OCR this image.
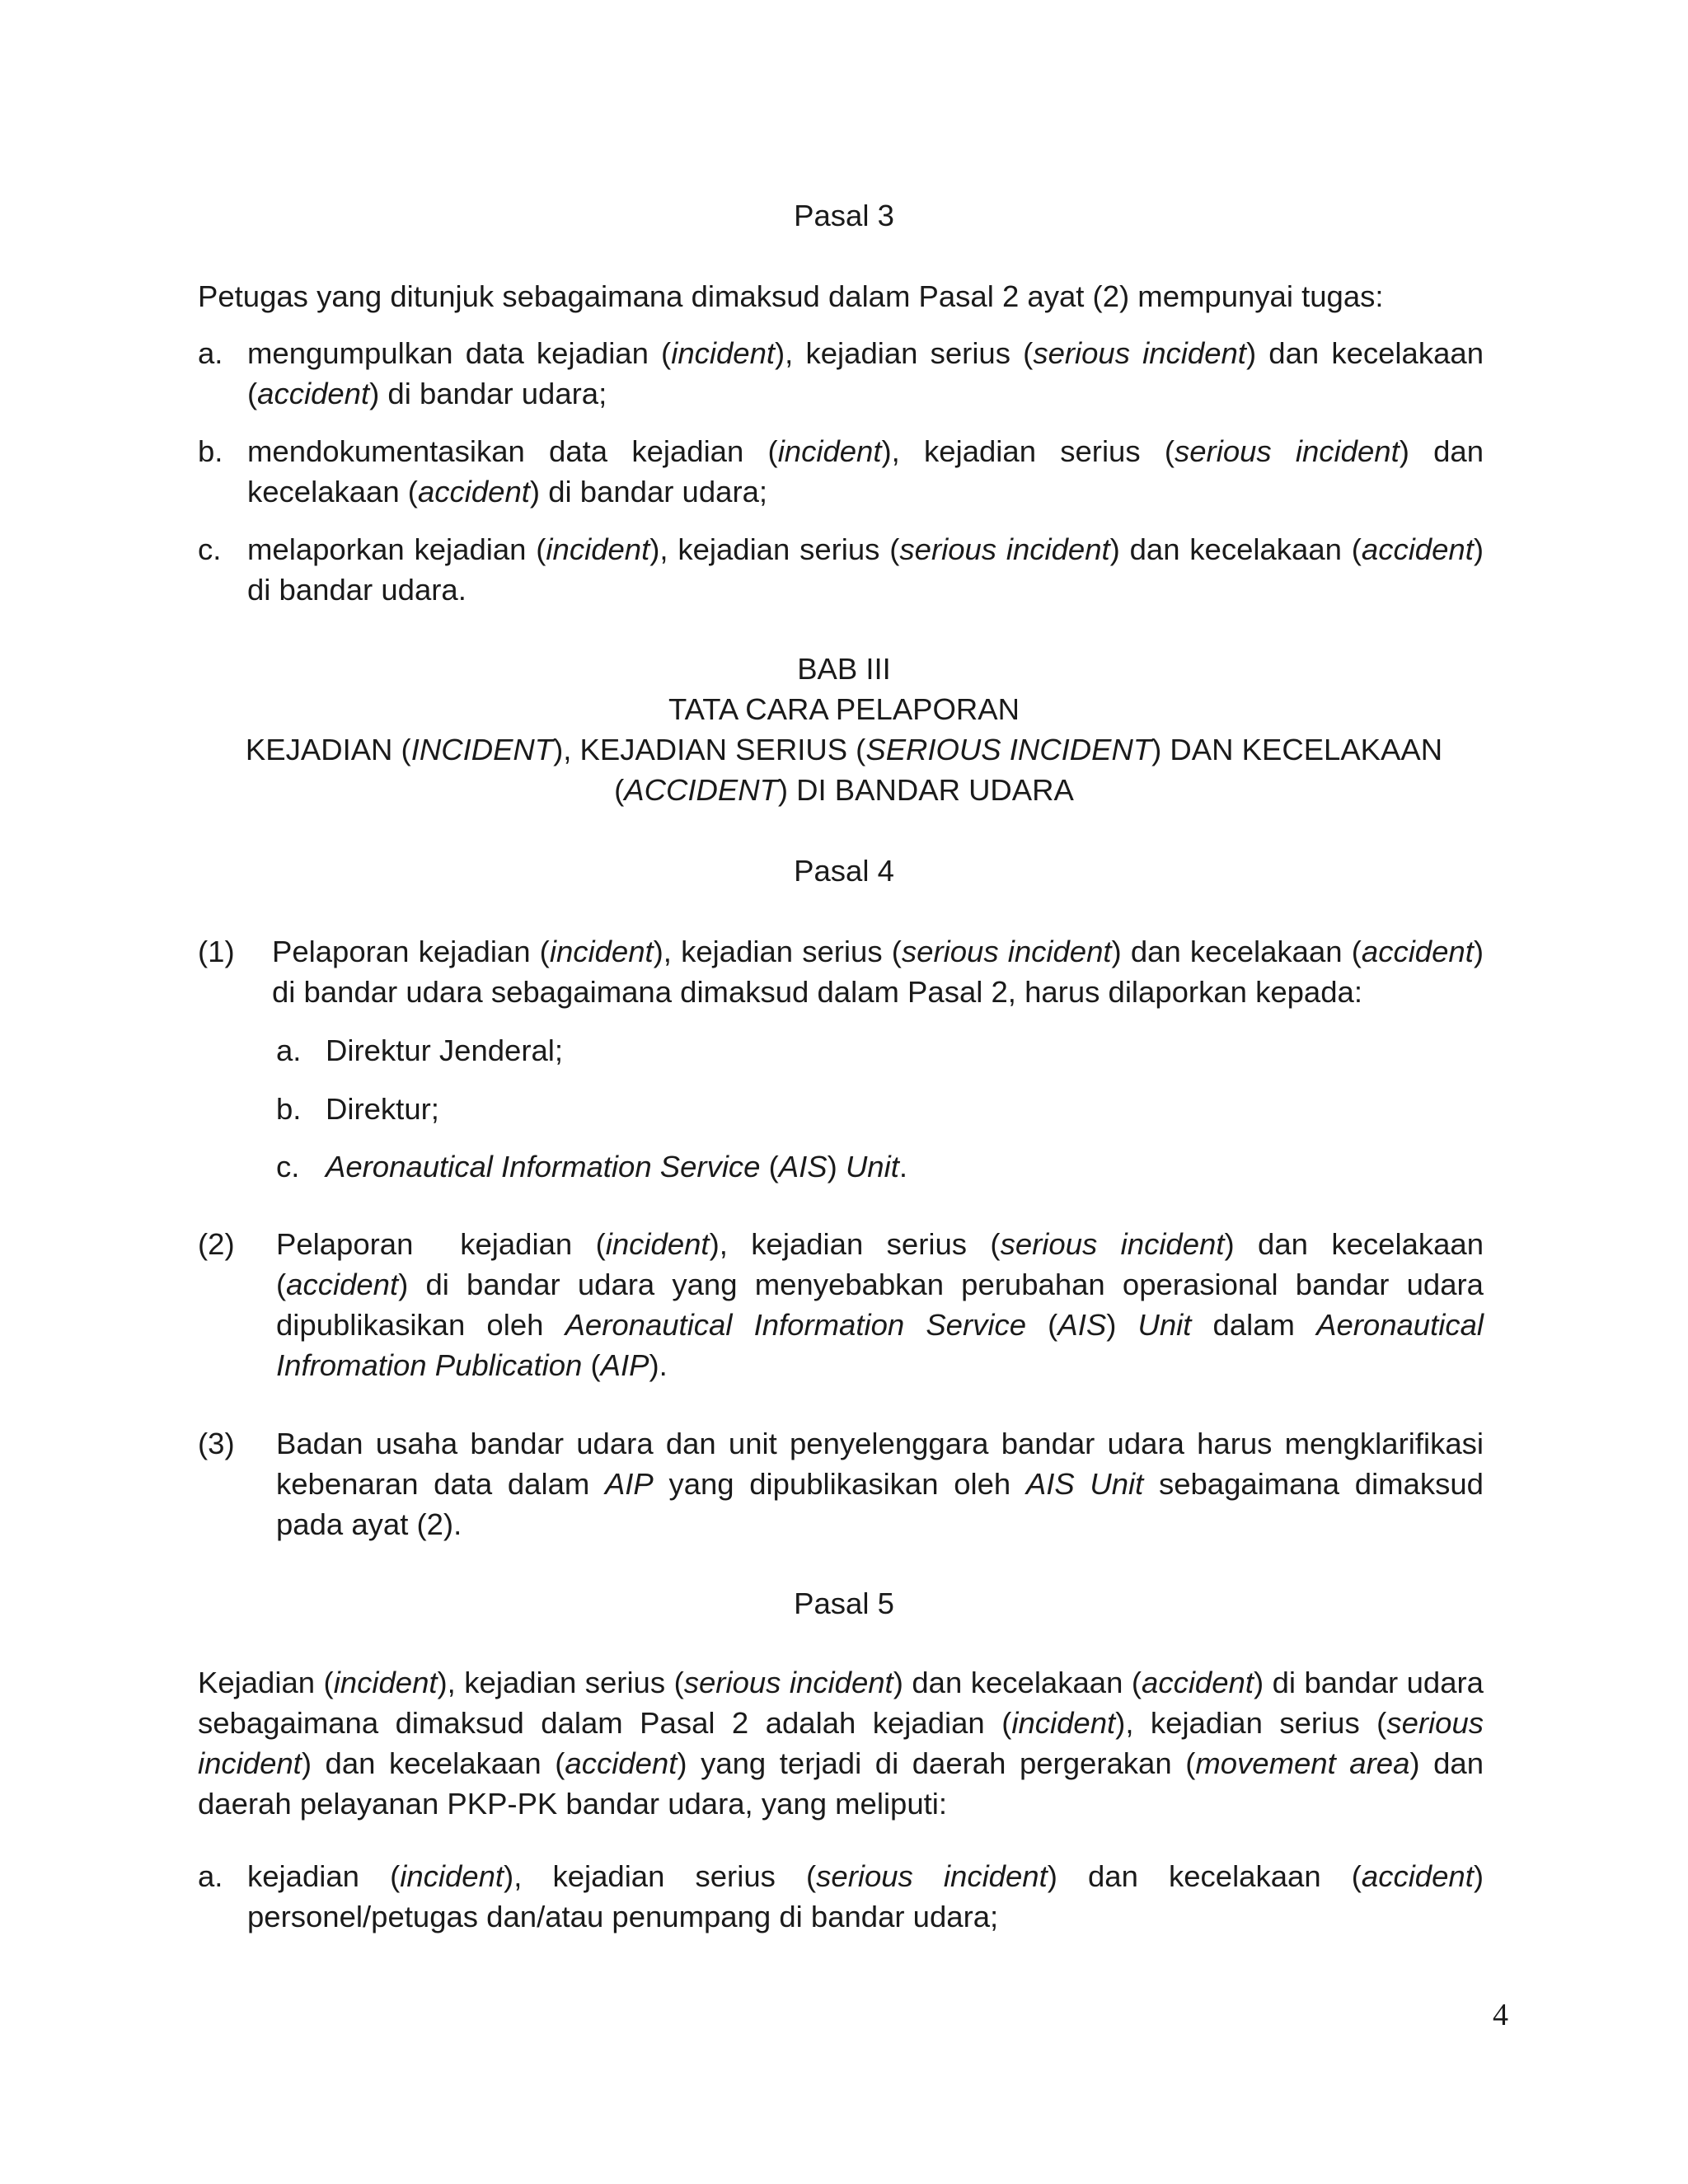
Pasal 3
Petugas yang ditunjuk sebagaimana dimaksud dalam Pasal 2 ayat (2) mempunyai tugas:
a. mengumpulkan data kejadian (incident), kejadian serius (serious incident) dan kecelakaan (accident) di bandar udara;
b. mendokumentasikan data kejadian (incident), kejadian serius (serious incident) dan kecelakaan (accident) di bandar udara;
c. melaporkan kejadian (incident), kejadian serius (serious incident) dan kecelakaan (accident) di bandar udara.
BAB III
TATA CARA PELAPORAN
KEJADIAN (INCIDENT), KEJADIAN SERIUS (SERIOUS INCIDENT) DAN KECELAKAAN
(ACCIDENT) DI BANDAR UDARA
Pasal 4
(1) Pelaporan kejadian (incident), kejadian serius (serious incident) dan kecelakaan (accident) di bandar udara sebagaimana dimaksud dalam Pasal 2, harus dilaporkan kepada:
a. Direktur Jenderal;
b. Direktur;
c. Aeronautical Information Service (AIS) Unit.
(2) Pelaporan  kejadian (incident), kejadian serius (serious incident) dan kecelakaan (accident) di bandar udara yang menyebabkan perubahan operasional bandar udara dipublikasikan oleh Aeronautical Information Service (AIS) Unit dalam Aeronautical Infromation Publication (AIP).
(3) Badan usaha bandar udara dan unit penyelenggara bandar udara harus mengklarifikasi kebenaran data dalam AIP yang dipublikasikan oleh AIS Unit sebagaimana dimaksud pada ayat (2).
Pasal 5
Kejadian (incident), kejadian serius (serious incident) dan kecelakaan (accident) di bandar udara sebagaimana dimaksud dalam Pasal 2 adalah kejadian (incident), kejadian serius (serious incident) dan kecelakaan (accident) yang terjadi di daerah pergerakan (movement area) dan daerah pelayanan PKP-PK bandar udara, yang meliputi:
a. kejadian (incident), kejadian serius (serious incident) dan kecelakaan (accident) personel/petugas dan/atau penumpang di bandar udara;
4
